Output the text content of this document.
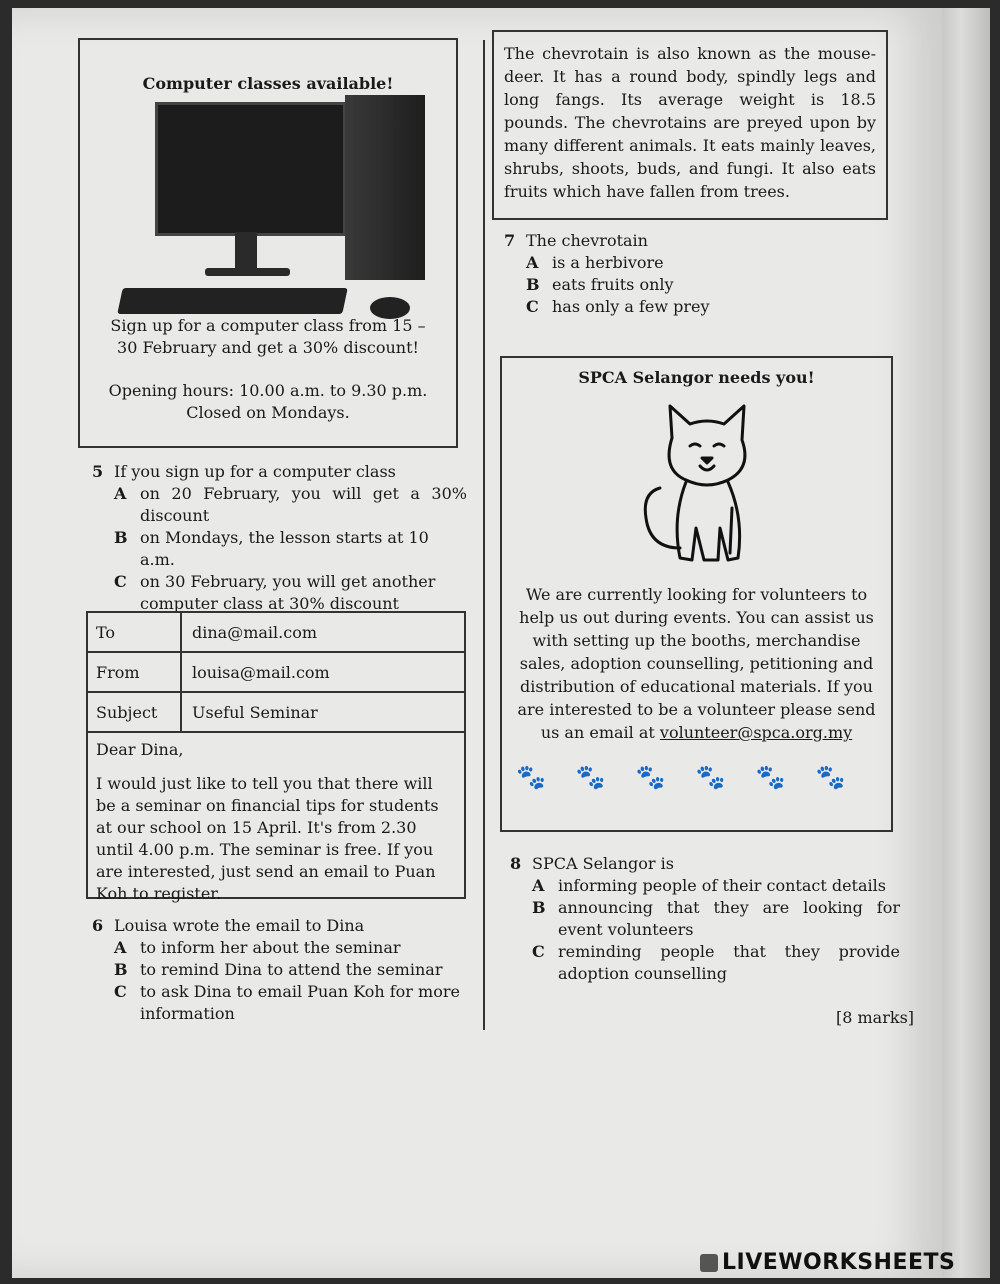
Computer classes available!
Sign up for a computer class from 15 – 30 February and get a 30% discount!
Opening hours: 10.00 a.m. to 9.30 p.m. Closed on Mondays.
5 If you sign up for a computer class
A on 20 February, you will get a 30% discount
B on Mondays, the lesson starts at 10 a.m.
C on 30 February, you will get another computer class at 30% discount
To	dina@mail.com
From	louisa@mail.com
Subject	Useful Seminar
Dear Dina,
I would just like to tell you that there will be a seminar on financial tips for students at our school on 15 April. It's from 2.30 until 4.00 p.m. The seminar is free. If you are interested, just send an email to Puan Koh to register.
6 Louisa wrote the email to Dina
A to inform her about the seminar
B to remind Dina to attend the seminar
C to ask Dina to email Puan Koh for more information
The chevrotain is also known as the mouse-deer. It has a round body, spindly legs and long fangs. Its average weight is 18.5 pounds. The chevrotains are preyed upon by many different animals. It eats mainly leaves, shrubs, shoots, buds, and fungi. It also eats fruits which have fallen from trees.
7 The chevrotain
A is a herbivore
B eats fruits only
C has only a few prey
SPCA Selangor needs you!
We are currently looking for volunteers to help us out during events. You can assist us with setting up the booths, merchandise sales, adoption counselling, petitioning and distribution of educational materials. If you are interested to be a volunteer please send us an email at volunteer@spca.org.my
🐾 🐾 🐾 🐾 🐾 🐾
8 SPCA Selangor is
A informing people of their contact details
B announcing that they are looking for event volunteers
C reminding people that they provide adoption counselling
[8 marks]
LIVEWORKSHEETS
